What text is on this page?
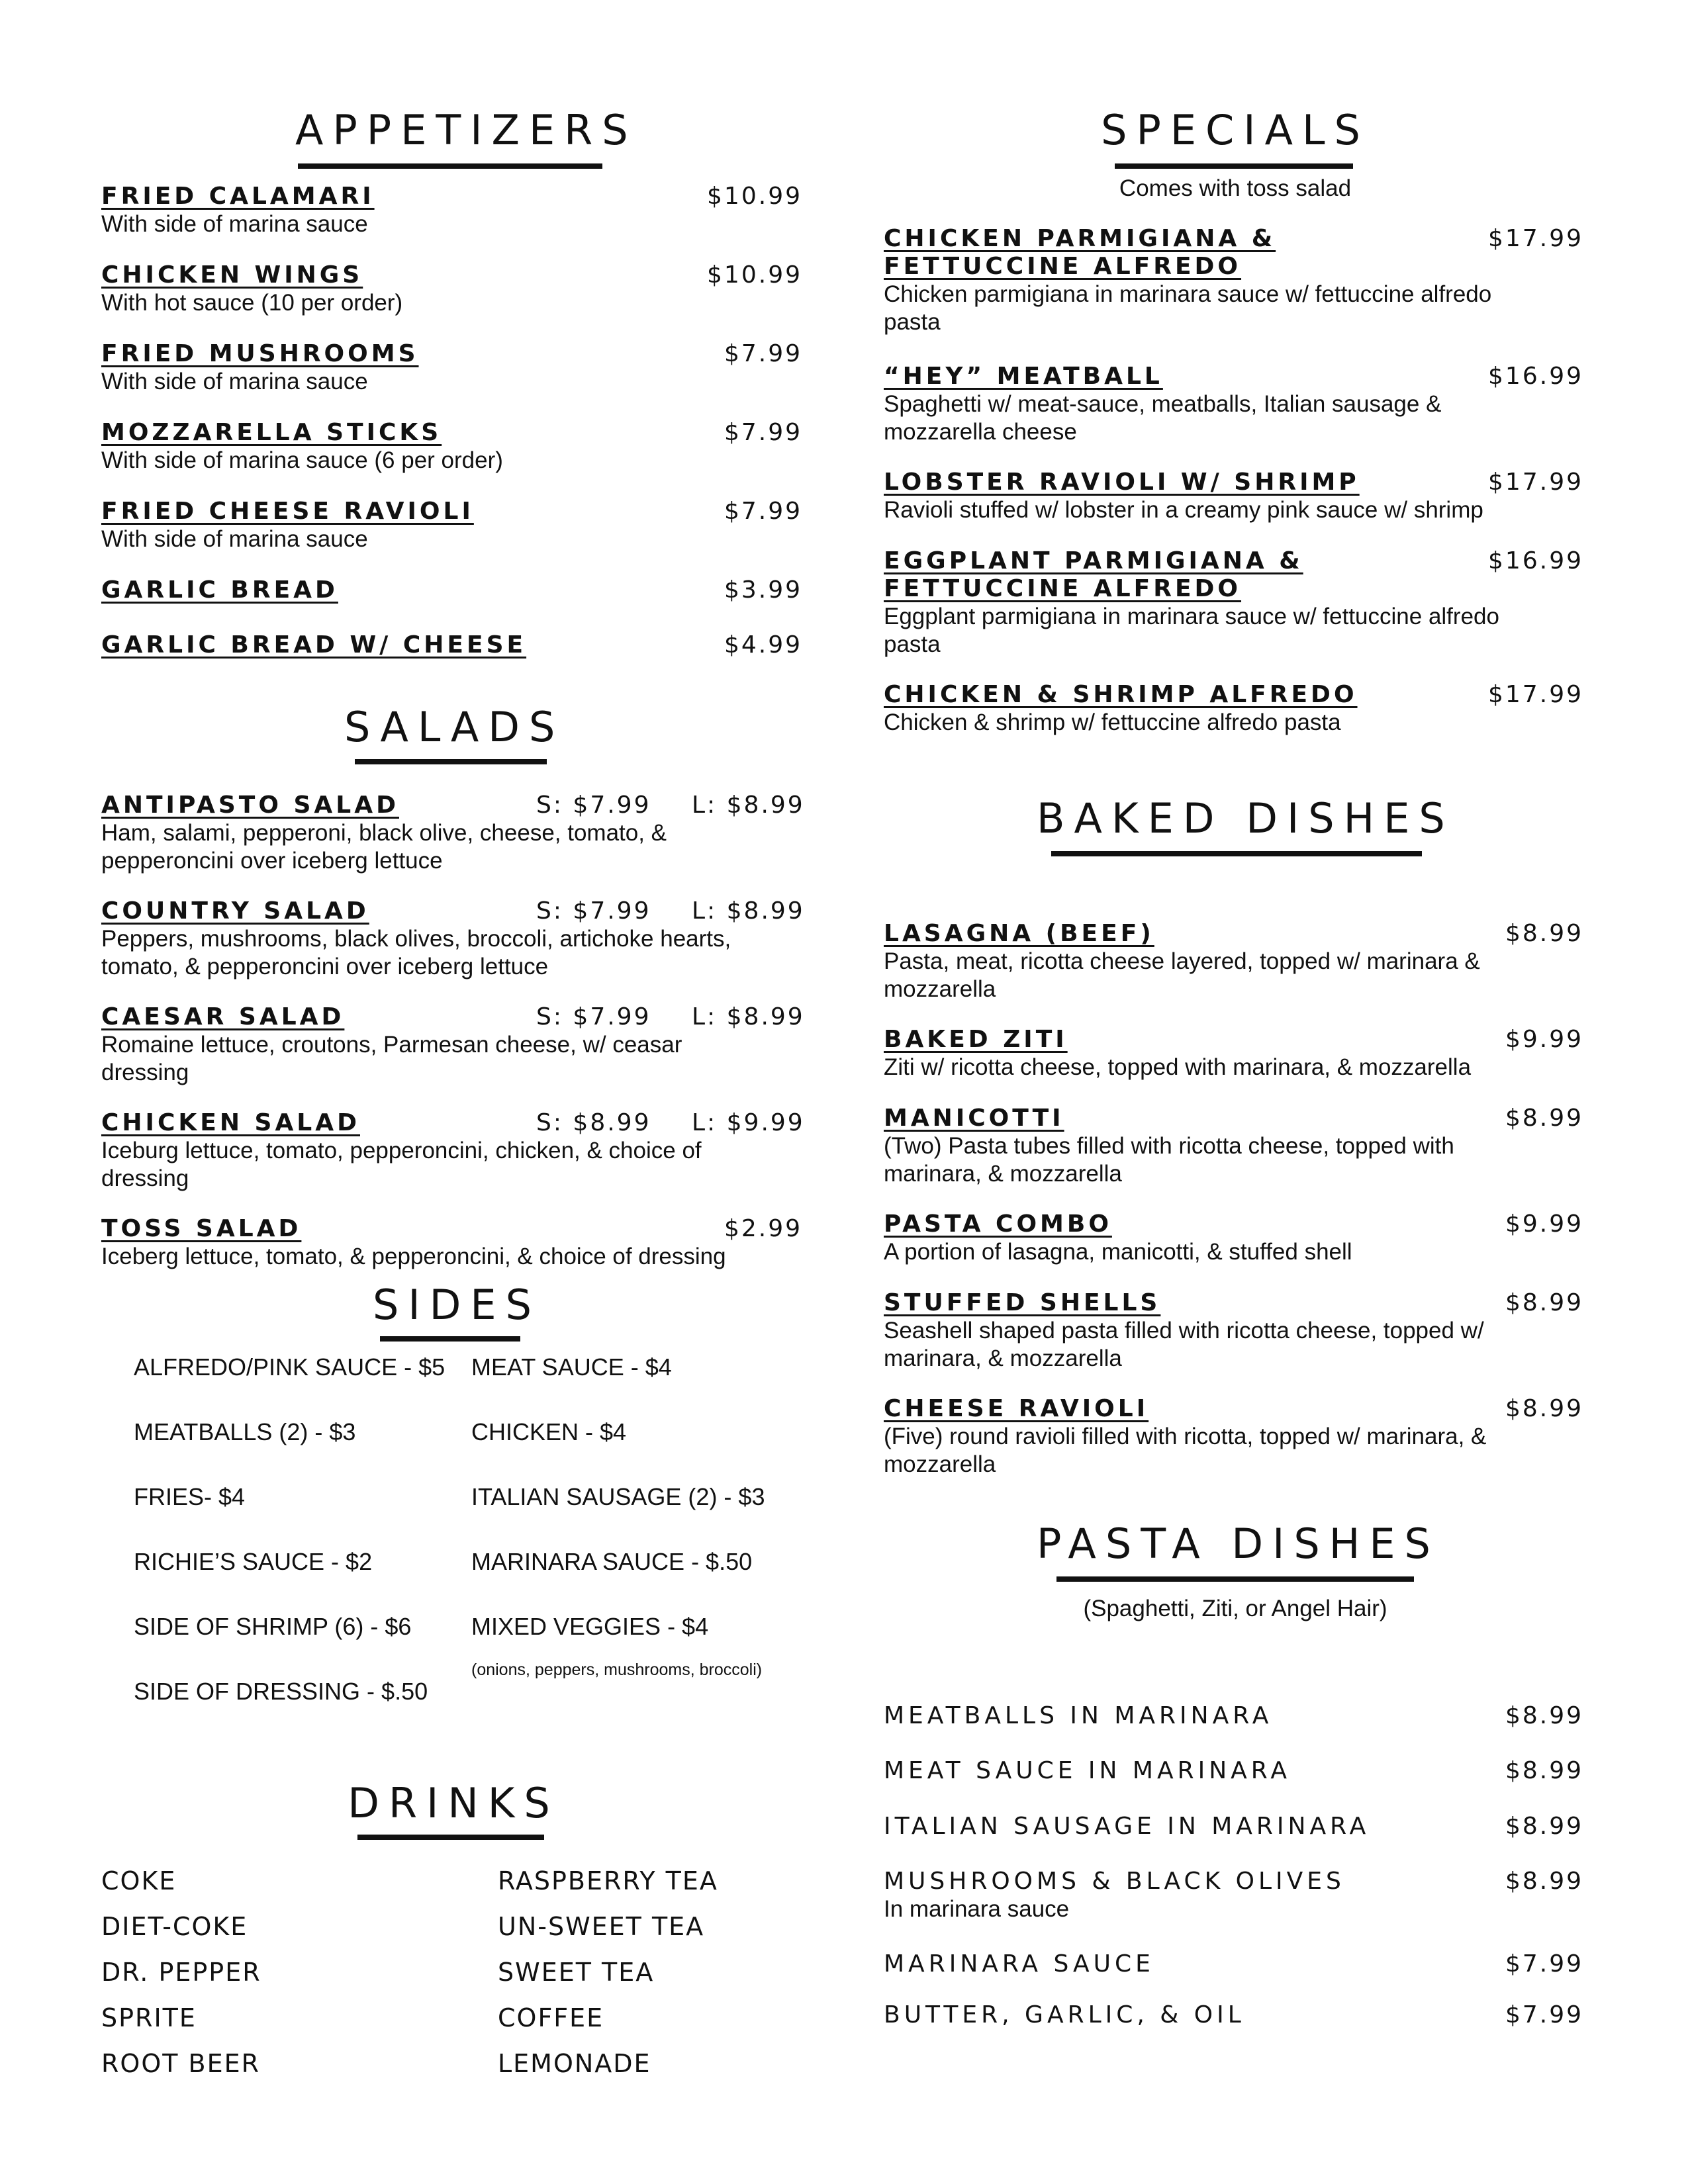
APPETIZERS
FRIED CALAMARI	$10.99
With side of marina sauce
CHICKEN WINGS	$10.99
With hot sauce (10 per order)
FRIED MUSHROOMS	$7.99
With side of marina sauce
MOZZARELLA STICKS	$7.99
With side of marina sauce (6 per order)
FRIED CHEESE RAVIOLI	$7.99
With side of marina sauce
GARLIC BREAD	$3.99
GARLIC BREAD W/ CHEESE	$4.99
SALADS
ANTIPASTO SALAD	S: $7.99 L: $8.99
Ham, salami, pepperoni, black olive, cheese, tomato, &
pepperoncini over iceberg lettuce
COUNTRY SALAD	S: $7.99 L: $8.99
Peppers, mushrooms, black olives, broccoli, artichoke hearts,
tomato, & pepperoncini over iceberg lettuce
CAESAR SALAD	S: $7.99 L: $8.99
Romaine lettuce, croutons, Parmesan cheese, w/ ceasar
dressing
CHICKEN SALAD	S: $8.99 L: $9.99
Iceburg lettuce, tomato, pepperoncini, chicken, & choice of
dressing
TOSS SALAD	$2.99
Iceberg lettuce, tomato, & pepperoncini, & choice of dressing
SIDES
ALFREDO/PINK SAUCE - $5
MEATBALLS (2) - $3
FRIES- $4
RICHIE’S SAUCE - $2
SIDE OF SHRIMP (6) - $6
SIDE OF DRESSING - $.50
MEAT SAUCE - $4
CHICKEN - $4
ITALIAN SAUSAGE (2) - $3
MARINARA SAUCE - $.50
MIXED VEGGIES - $4
(onions, peppers, mushrooms, broccoli)
DRINKS
COKE
DIET-COKE
DR. PEPPER
SPRITE
ROOT BEER
RASPBERRY TEA
UN-SWEET TEA
SWEET TEA
COFFEE
LEMONADE
SPECIALS
Comes with toss salad
CHICKEN PARMIGIANA &
FETTUCCINE ALFREDO
$17.99
Chicken parmigiana in marinara sauce w/ fettuccine alfredo
pasta
“HEY” MEATBALL	$16.99
Spaghetti w/ meat-sauce, meatballs, Italian sausage &
mozzarella cheese
LOBSTER RAVIOLI W/ SHRIMP	$17.99
Ravioli stuffed w/ lobster in a creamy pink sauce w/ shrimp
EGGPLANT PARMIGIANA &
FETTUCCINE ALFREDO
$16.99
Eggplant parmigiana in marinara sauce w/ fettuccine alfredo
pasta
CHICKEN & SHRIMP ALFREDO	$17.99
Chicken & shrimp w/ fettuccine alfredo pasta
BAKED DISHES
LASAGNA (BEEF)	$8.99
Pasta, meat, ricotta cheese layered, topped w/ marinara &
mozzarella
BAKED ZITI	$9.99
Ziti w/ ricotta cheese, topped with marinara, & mozzarella
MANICOTTI	$8.99
(Two) Pasta tubes filled with ricotta cheese, topped with
marinara, & mozzarella
PASTA COMBO	$9.99
A portion of lasagna, manicotti, & stuffed shell
STUFFED SHELLS	$8.99
Seashell shaped pasta filled with ricotta cheese, topped w/
marinara, & mozzarella
CHEESE RAVIOLI	$8.99
(Five) round ravioli filled with ricotta, topped w/ marinara, &
mozzarella
PASTA DISHES
(Spaghetti, Ziti, or Angel Hair)
MEATBALLS IN MARINARA	$8.99
MEAT SAUCE IN MARINARA	$8.99
ITALIAN SAUSAGE IN MARINARA	$8.99
MUSHROOMS & BLACK OLIVES	$8.99
In marinara sauce
MARINARA SAUCE	$7.99
BUTTER, GARLIC, & OIL	$7.99
